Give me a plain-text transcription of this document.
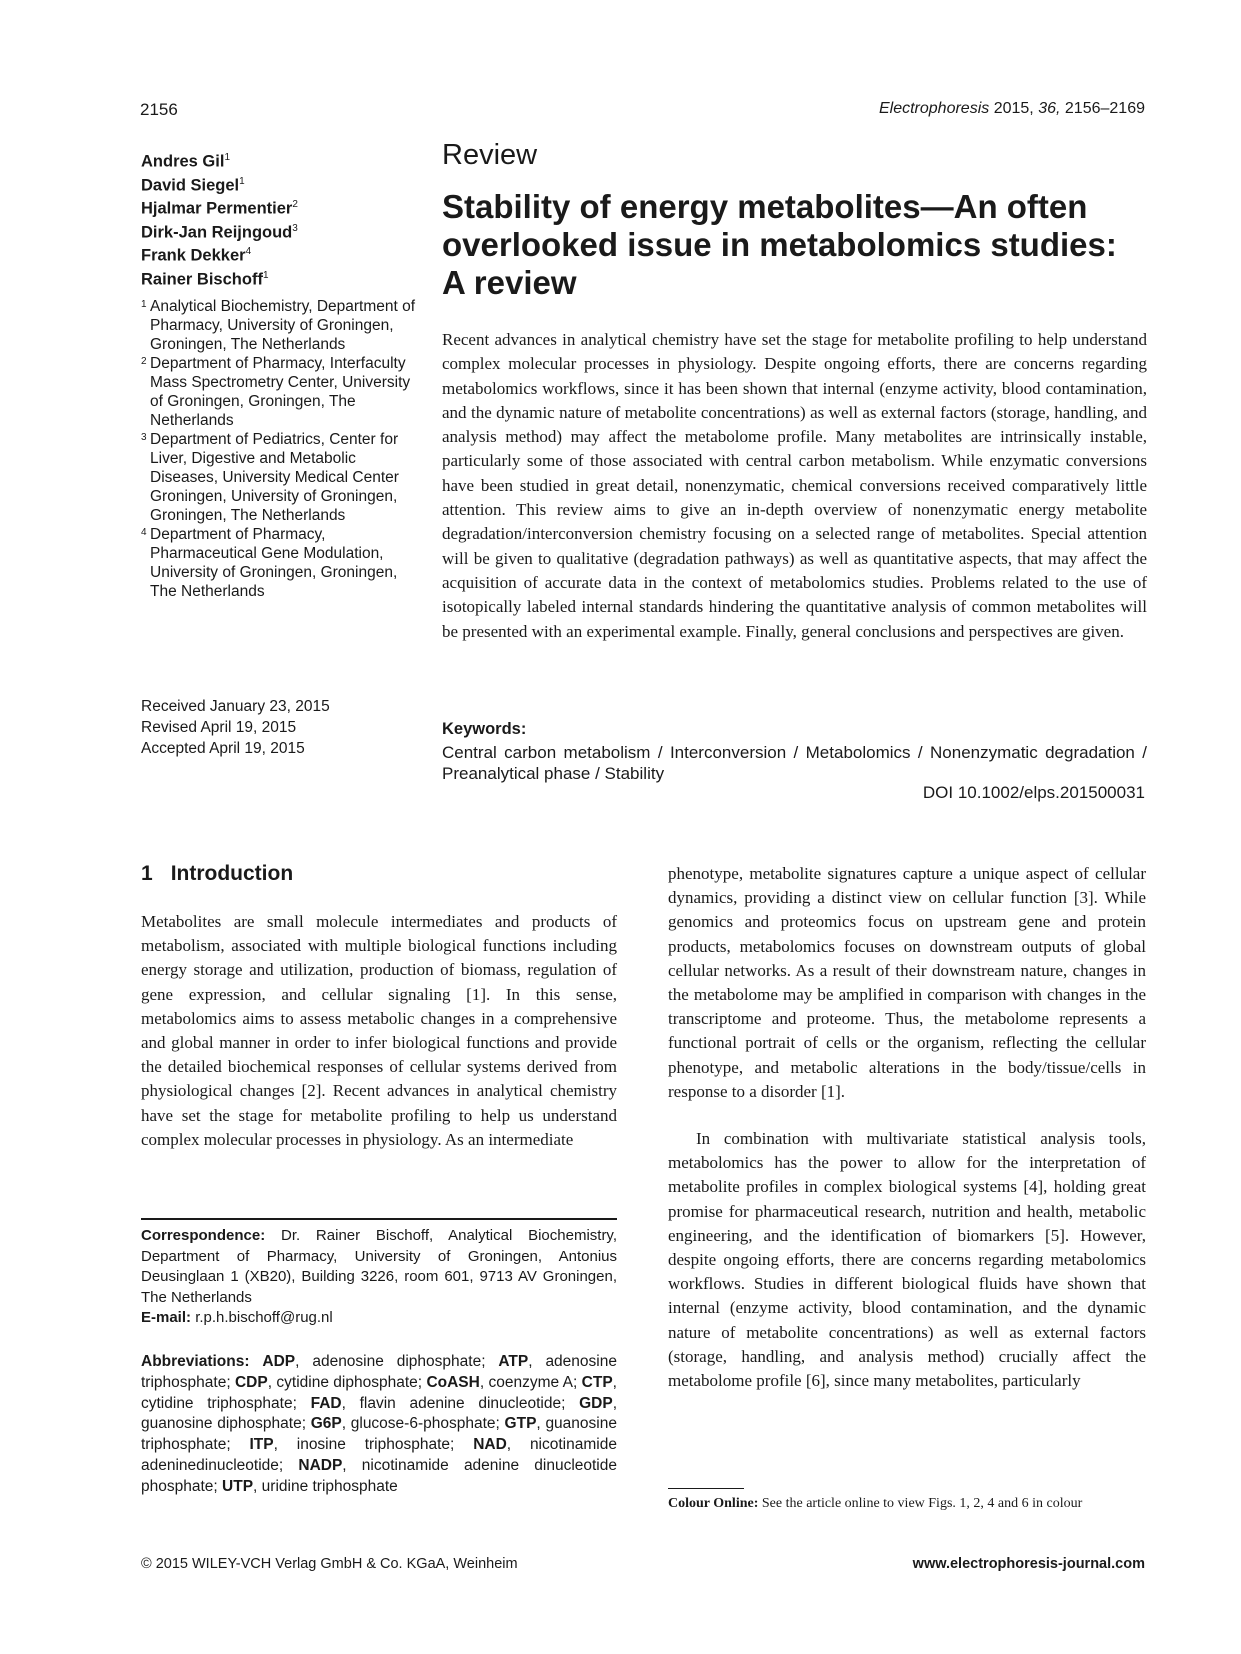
2156	Electrophoresis 2015, 36, 2156–2169
Andres Gil$^1$
David Siegel$^1$
Hjalmar Permentier$^2$
Dirk-Jan Reijngoud$^3$
Frank Dekker$^4$
Rainer Bischoff$^1$
1 Analytical Biochemistry, Department of Pharmacy, University of Groningen, Groningen, The Netherlands
2 Department of Pharmacy, Interfaculty Mass Spectrometry Center, University of Groningen, Groningen, The Netherlands
3 Department of Pediatrics, Center for Liver, Digestive and Metabolic Diseases, University Medical Center Groningen, University of Groningen, Groningen, The Netherlands
4 Department of Pharmacy, Pharmaceutical Gene Modulation, University of Groningen, Groningen, The Netherlands
Received January 23, 2015
Revised April 19, 2015
Accepted April 19, 2015
Review
Stability of energy metabolites—An often
overlooked issue in metabolomics studies:
A review

Recent advances in analytical chemistry have set the stage for metabolite profiling to help understand complex molecular processes in physiology. Despite ongoing efforts, there are concerns regarding metabolomics workflows, since it has been shown that internal (enzyme activity, blood contamination, and the dynamic nature of metabolite concentrations) as well as external factors (storage, handling, and analysis method) may affect the metabolome profile. Many metabolites are intrinsically instable, particularly some of those associated with central carbon metabolism. While enzymatic conversions have been studied in great detail, nonenzymatic, chemical conversions received comparatively little attention. This review aims to give an in-depth overview of nonenzymatic energy metabolite degradation/interconversion chemistry focusing on a selected range of metabolites. Special attention will be given to qualitative (degradation pathways) as well as quantitative aspects, that may affect the acquisition of accurate data in the context of metabolomics studies. Problems related to the use of isotopically labeled internal standards hindering the quantitative analysis of common metabolites will be presented with an experimental example. Finally, general conclusions and perspectives are given.

Keywords:
Central carbon metabolism / Interconversion / Metabolomics / Nonenzymatic degradation / Preanalytical phase / Stability
DOI 10.1002/elps.201500031
1 Introduction

Metabolites are small molecule intermediates and products of metabolism, associated with multiple biological functions including energy storage and utilization, production of biomass, regulation of gene expression, and cellular signaling [1]. In this sense, metabolomics aims to assess metabolic changes in a comprehensive and global manner in order to infer biological functions and provide the detailed biochemical responses of cellular systems derived from physiological changes [2]. Recent advances in analytical chemistry have set the stage for metabolite profiling to help us understand complex molecular processes in physiology. As an intermediate

phenotype, metabolite signatures capture a unique aspect of cellular dynamics, providing a distinct view on cellular function [3]. While genomics and proteomics focus on upstream gene and protein products, metabolomics focuses on downstream outputs of global cellular networks. As a result of their downstream nature, changes in the metabolome may be amplified in comparison with changes in the transcriptome and proteome. Thus, the metabolome represents a functional portrait of cells or the organism, reflecting the cellular phenotype, and metabolic alterations in the body/tissue/cells in response to a disorder [1].

In combination with multivariate statistical analysis tools, metabolomics has the power to allow for the interpretation of metabolite profiles in complex biological systems [4], holding great promise for pharmaceutical research, nutrition and health, metabolic engineering, and the identification of biomarkers [5]. However, despite ongoing efforts, there are concerns regarding metabolomics workflows. Studies in different biological fluids have shown that internal (enzyme activity, blood contamination, and the dynamic nature of metabolite concentrations) as well as external factors (storage, handling, and analysis method) crucially affect the metabolome profile [6], since many metabolites, particularly

Correspondence: Dr. Rainer Bischoff, Analytical Biochemistry, Department of Pharmacy, University of Groningen, Antonius Deusinglaan 1 (XB20), Building 3226, room 601, 9713 AV Groningen, The Netherlands
E-mail: r.p.h.bischoff@rug.nl
Abbreviations: ADP, adenosine diphosphate; ATP, adenosine triphosphate; CDP, cytidine diphosphate; CoASH, coenzyme A; CTP, cytidine triphosphate; FAD, flavin adenine dinucleotide; GDP, guanosine diphosphate; G6P, glucose-6-phosphate; GTP, guanosine triphosphate; ITP, inosine triphosphate; NAD, nicotinamide adeninedinucleotide; NADP, nicotinamide adenine dinucleotide phosphate; UTP, uridine triphosphate
Colour Online: See the article online to view Figs. 1, 2, 4 and 6 in colour
© 2015 WILEY-VCH Verlag GmbH & Co. KGaA, Weinheim	www.electrophoresis-journal.com
